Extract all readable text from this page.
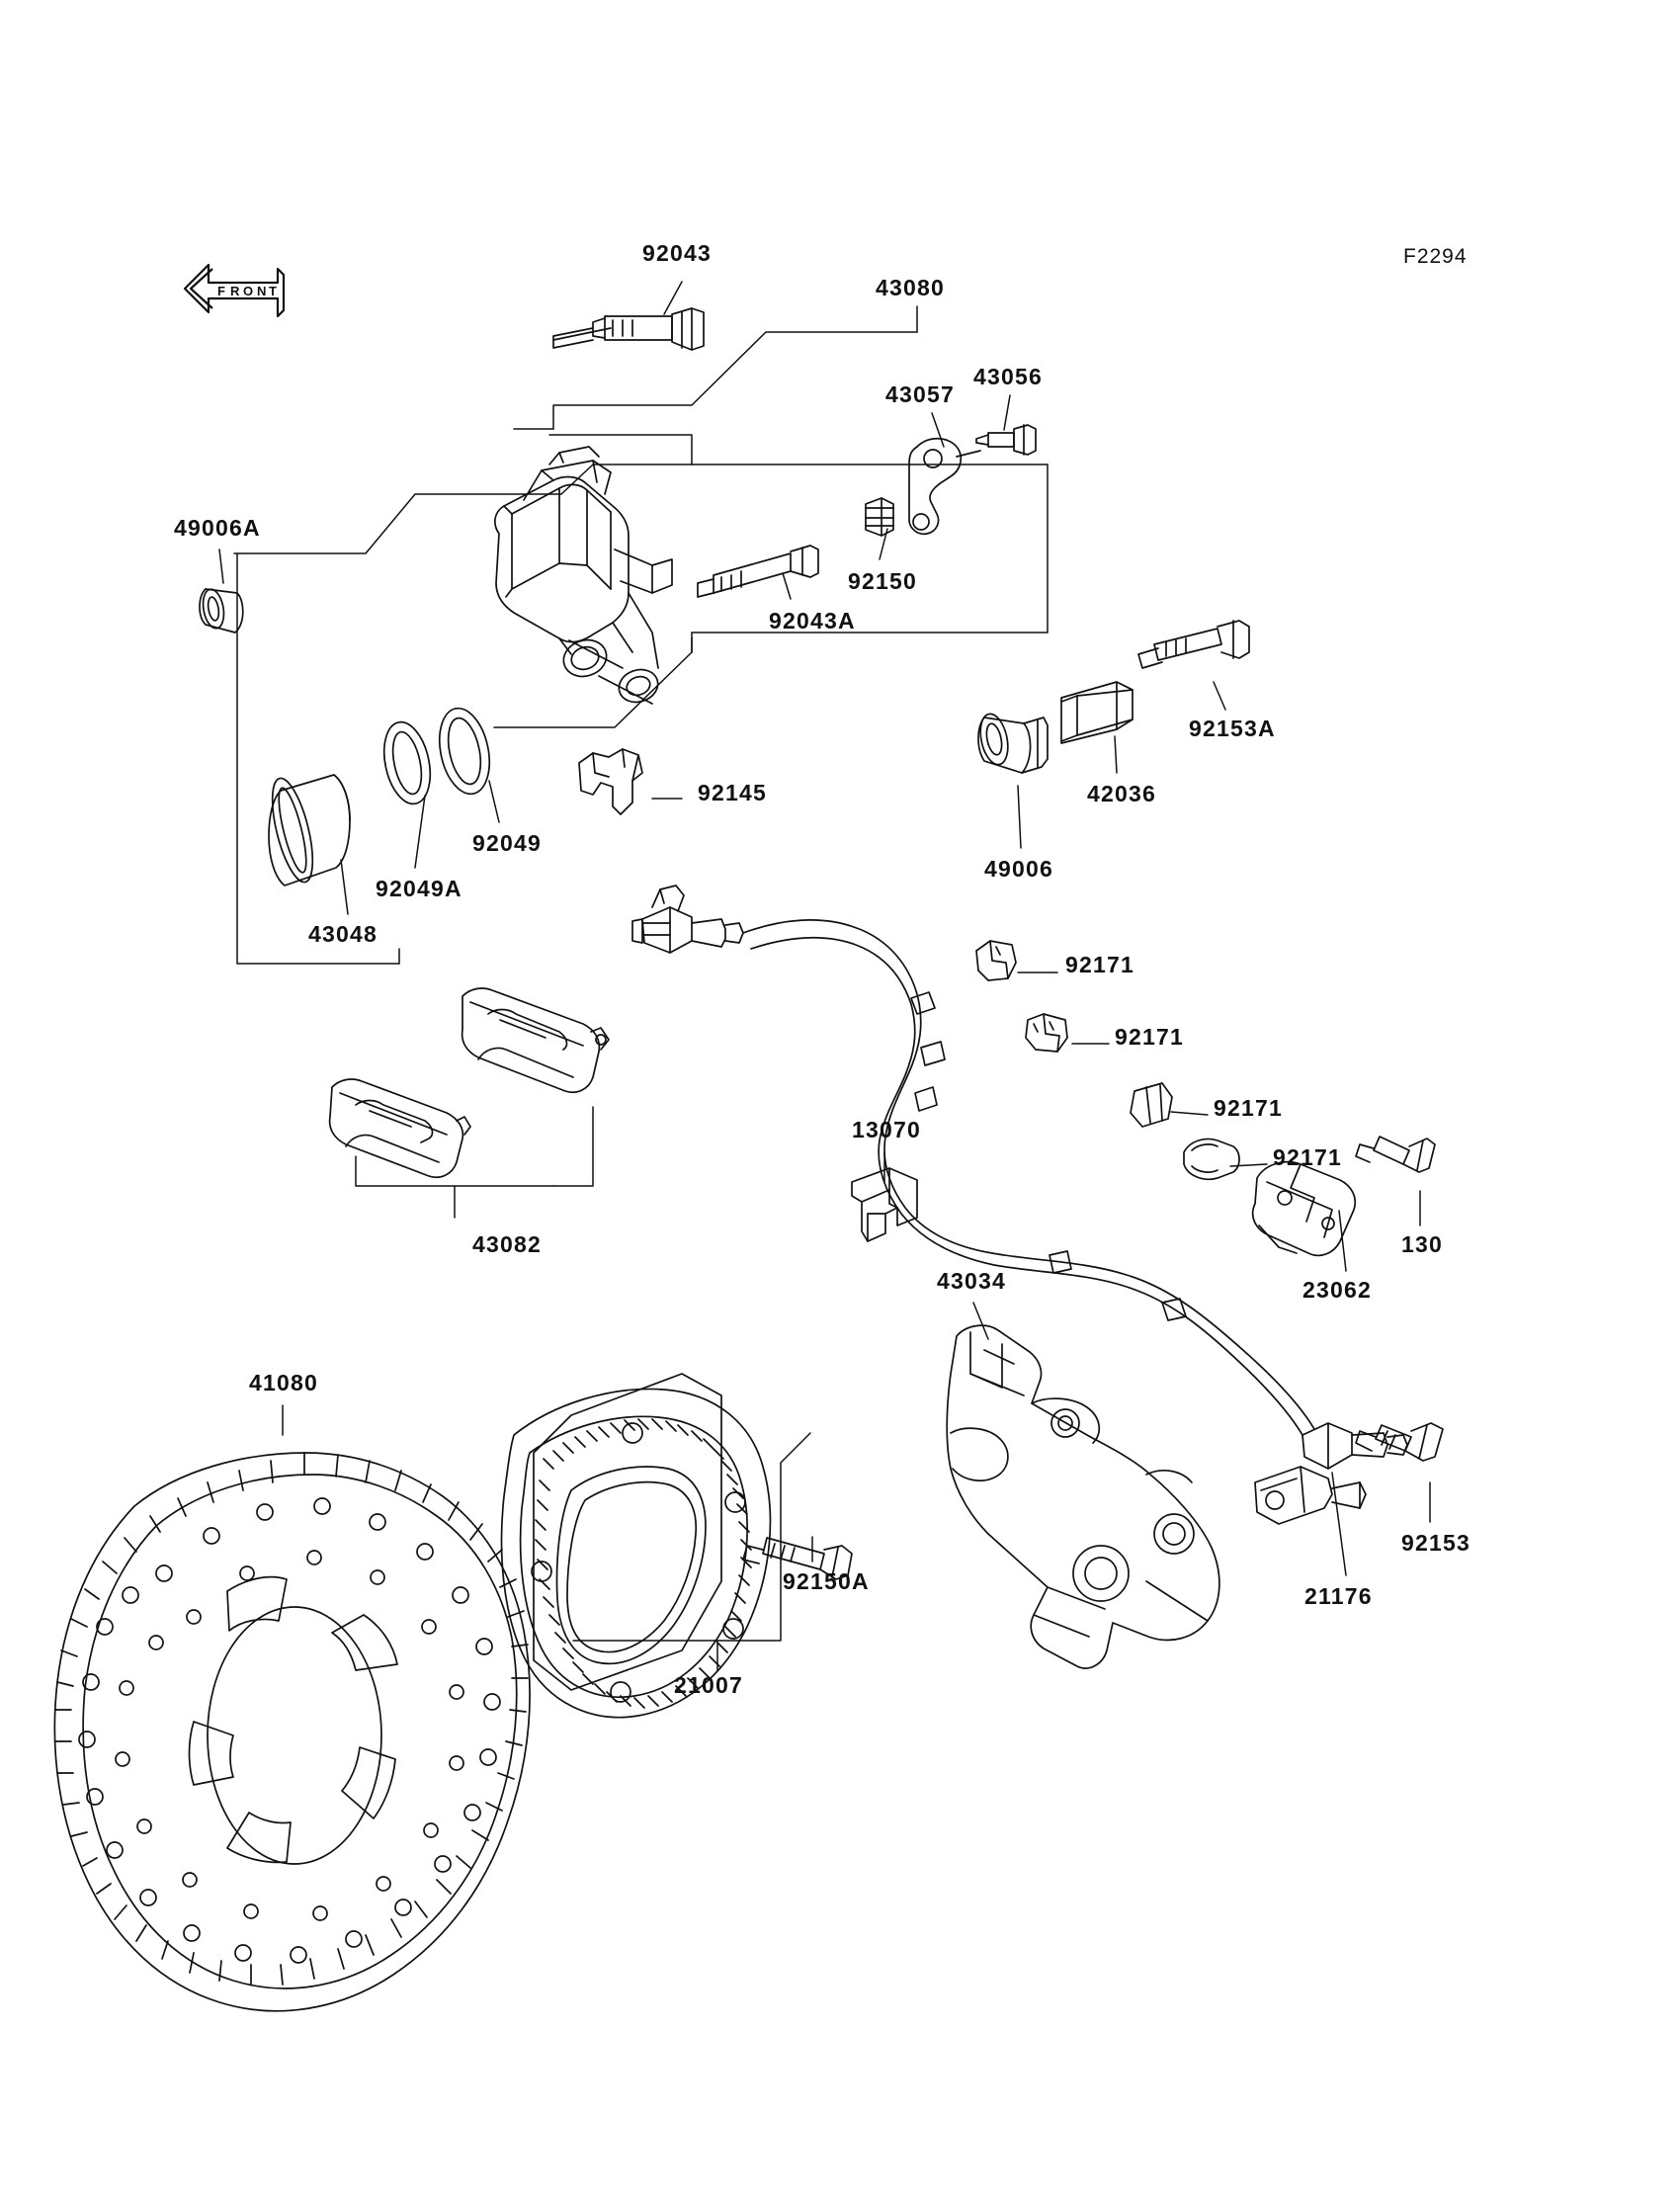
F R O N T
F2294
92043
43080
43057
43056
49006A
92150
92043A
92153A
42036
92145
92049
92049A
49006
43048
92171
92171
92171
92171
13070
130
43082
23062
43034
41080
92150A
92153
21176
21007
